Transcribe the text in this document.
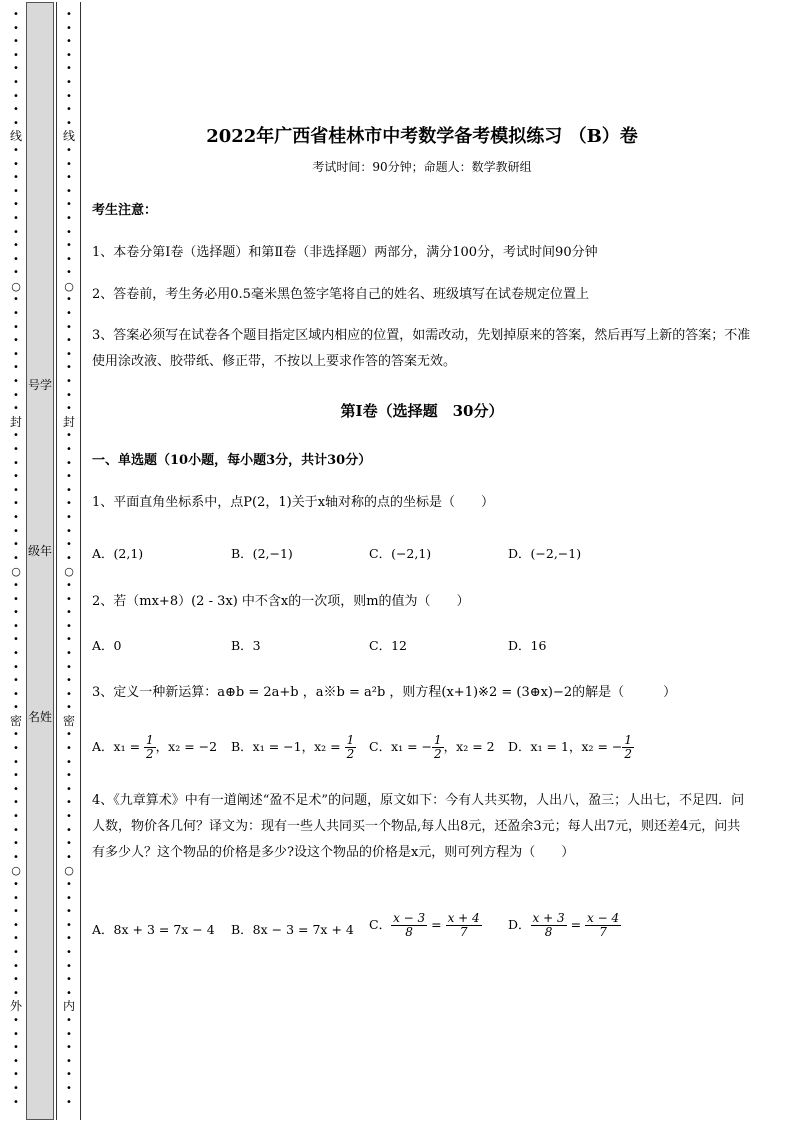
•
•
•
•
•
•
•
•
•
线
•
•
•
•
•
•
•
•
•
•
○
•
•
•
•
•
•
•
•
•
封
•
•
•
•
•
•
•
•
•
•
○
•
•
•
•
•
•
•
•
•
•
密
•
•
•
•
•
•
•
•
•
•
○
•
•
•
•
•
•
•
•
•
外
•
•
•
•
•
•
•
•
•
•
•
•
•
•
•
•
线
•
•
•
•
•
•
•
•
•
•
○
•
•
•
•
•
•
•
•
•
封
•
•
•
•
•
•
•
•
•
•
○
•
•
•
•
•
•
•
•
•
•
密
•
•
•
•
•
•
•
•
•
•
○
•
•
•
•
•
•
•
•
•
内
•
•
•
•
•
•
•
号学
级年
名姓
2022年广西省桂林市中考数学备考模拟练习 （B）卷
考试时间：90分钟；命题人：数学教研组
考生注意：
1、本卷分第I卷（选择题）和第Ⅱ卷（非选择题）两部分，满分100分，考试时间90分钟
2、答卷前，考生务必用0.5毫米黑色签字笔将自己的姓名、班级填写在试卷规定位置上
3、答案必须写在试卷各个题目指定区域内相应的位置，如需改动，先划掉原来的答案，然后再写上新的答案；不准使用涂改液、胶带纸、修正带，不按以上要求作答的答案无效。
第I卷（选择题　30分）
一、单选题（10小题，每小题3分，共计30分）
1、平面直角坐标系中，点P(2，1)关于x轴对称的点的坐标是（　　）
A．(2,1)	B．(2,−1)	C．(−2,1)	D．(−2,−1)
2、若（mx+8）(2 - 3x) 中不含x的一次项，则m的值为（　　）
A．0	B．3	C．12	D．16
3、定义一种新运算：a⊕b = 2a+b ，a※b = a²b ，则方程(x+1)※2 = (3⊕x)−2的解是（　　　）
A．$x_1 = \frac{1}{2}$ ，x₂ = −2 B．x₁ = −1，$x_2 = \frac{1}{2}$ C．x₁ = − $\frac{1}{2}$ ，x₂ = 2 D．x₁ = 1，x₂ = − $\frac{1}{2}$
4、《九章算术》中有一道阐述“盈不足术”的问题，原文如下：今有人共买物，人出八，盈三；人出七，不足四．问人数，物价各几何？译文为：现有一些人共同买一个物品,每人出8元，还盈余3元；每人出7元，则还差4元，问共有多少人？这个物品的价格是多少?设这个物品的价格是x元，则可列方程为（　　）
A．8x + 3 = 7x − 4 B．8x − 3 = 7x + 4 C． $\frac{x - 3}{8} = \frac{x + 4}{7}$ D． $\frac{x + 3}{8} = \frac{x - 4}{7}$
